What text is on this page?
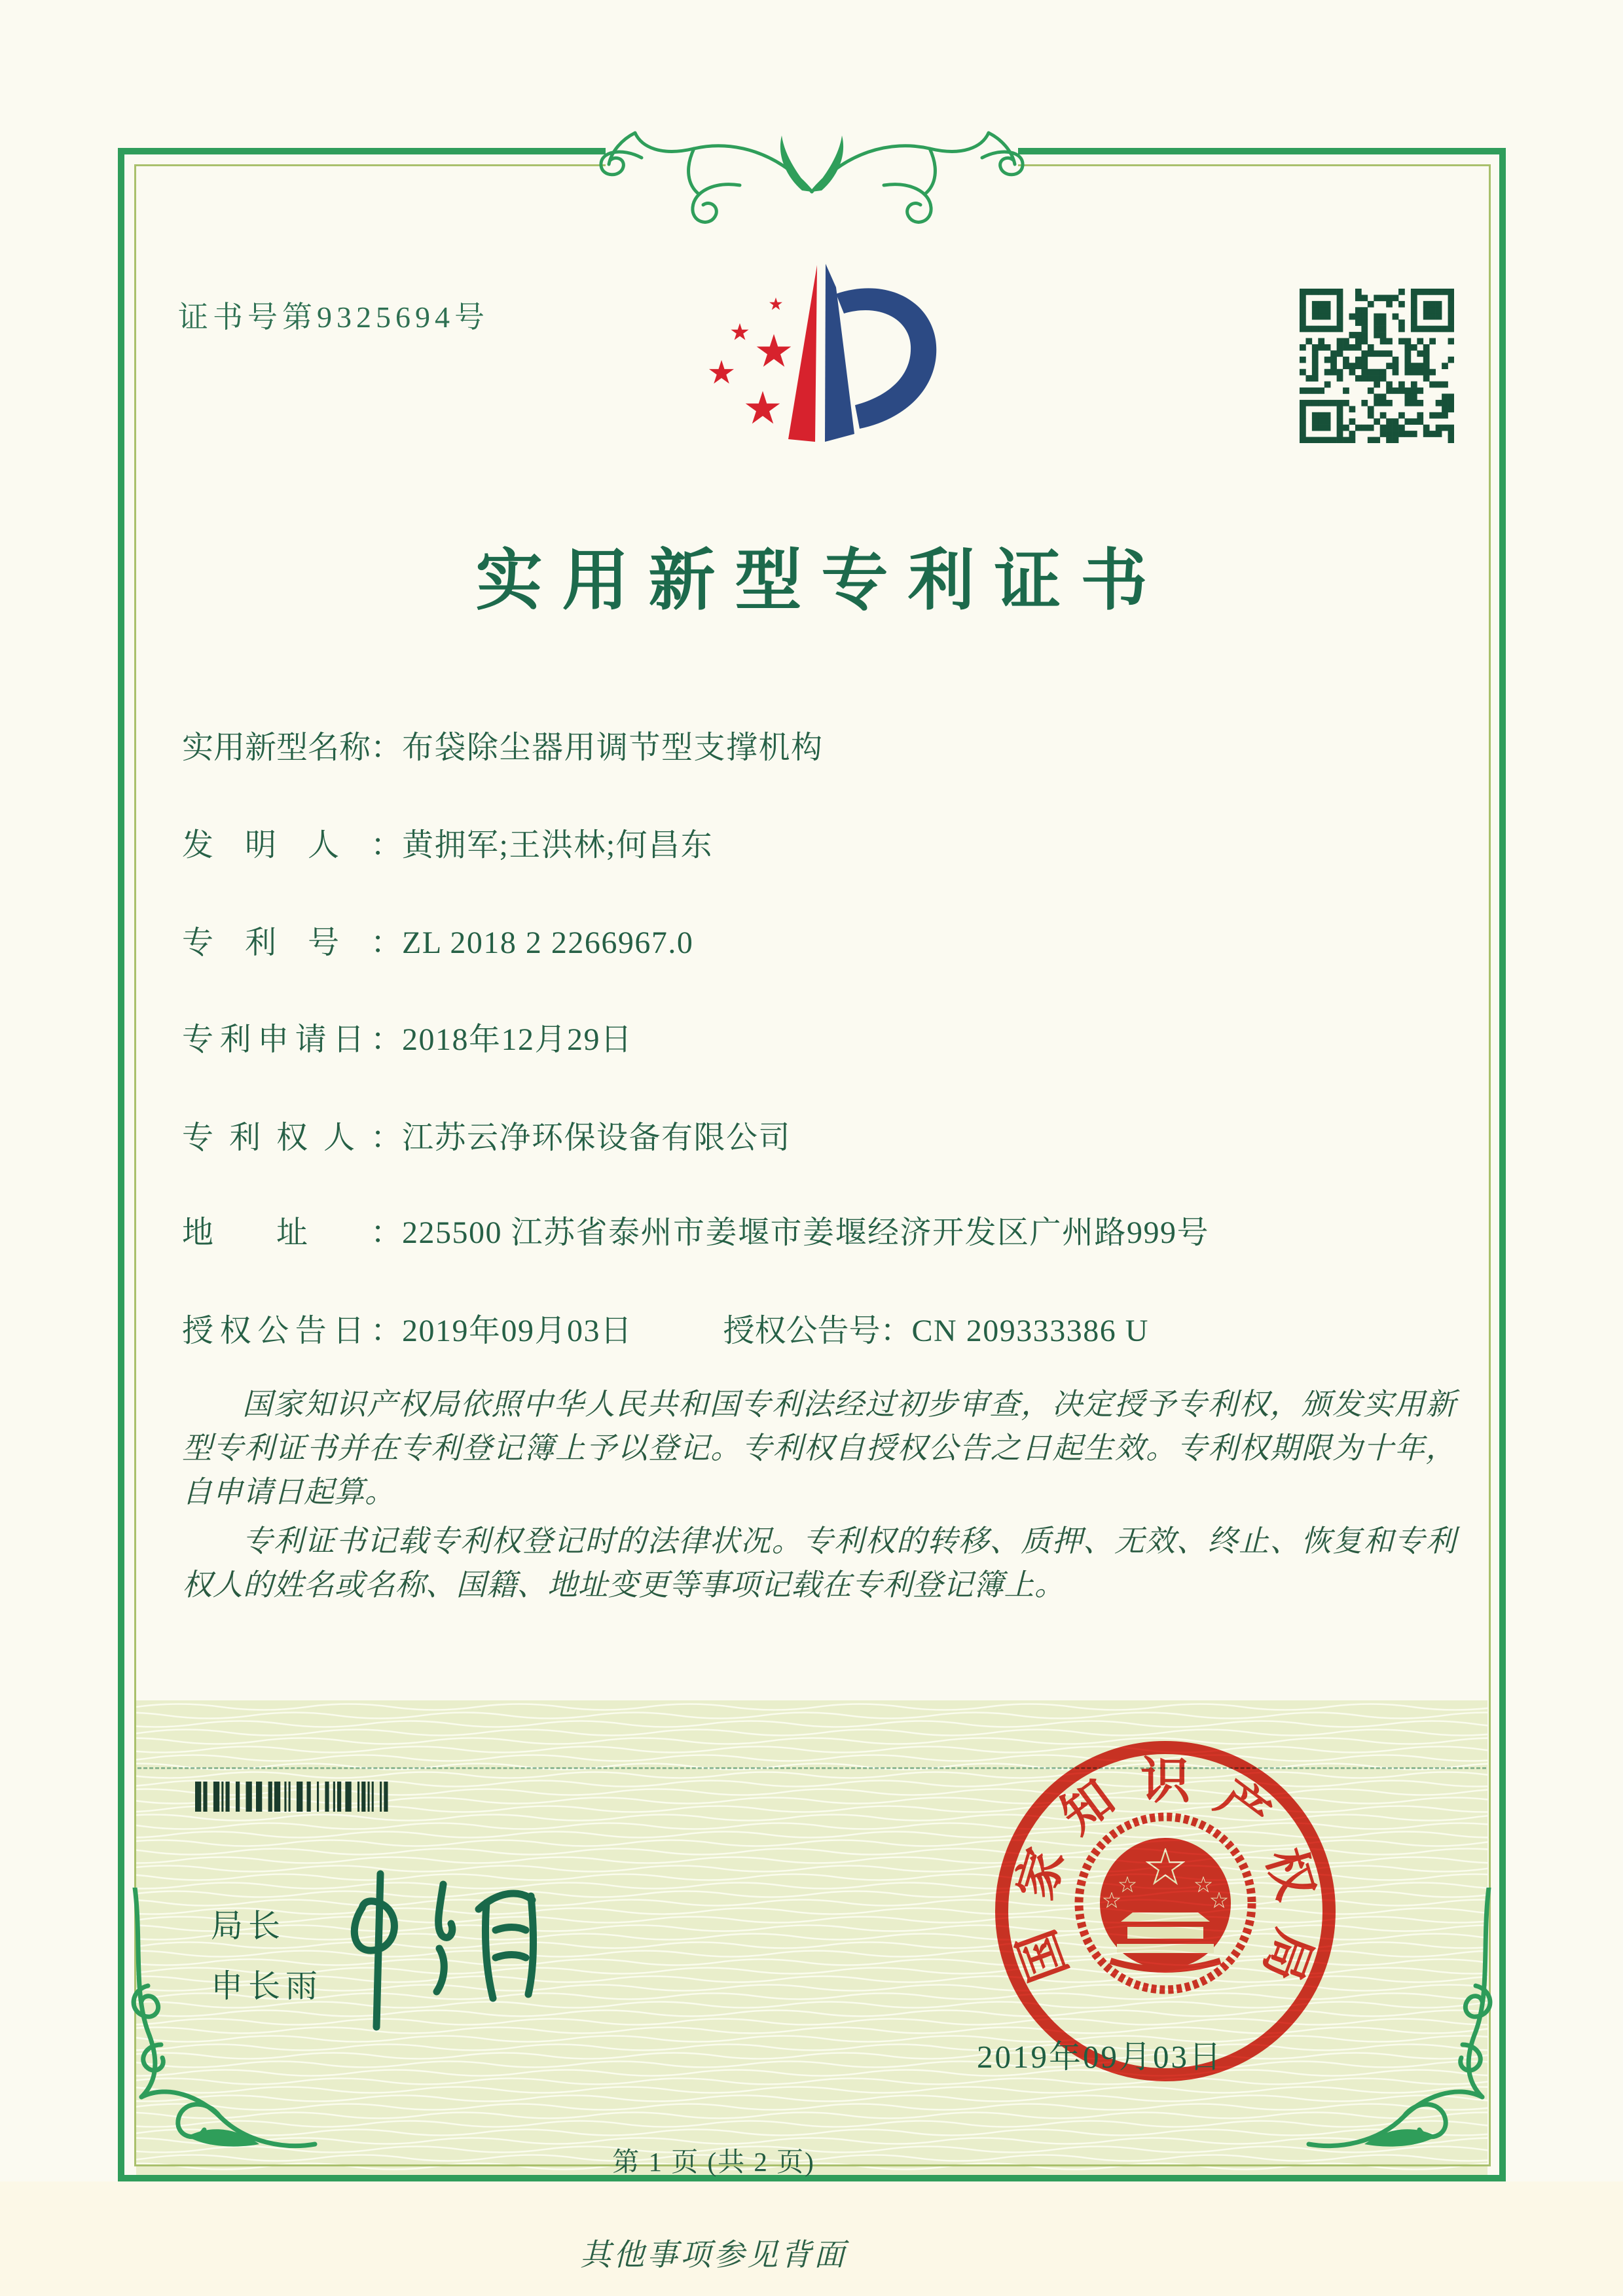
证书号第9325694号
实用新型专利证书
实用新型名称：布袋除尘器用调节型支撑机构
发明人：黄拥军;王洪林;何昌东
专利号：ZL 2018 2 2266967.0
专利申请日：2018年12月29日
专利权人：江苏云净环保设备有限公司
地址：225500 江苏省泰州市姜堰市姜堰经济开发区广州路999号
授权公告日：2019年09月03日	授权公告号：CN 209333386 U

国家知识产权局依照中华人民共和国专利法经过初步审查，决定授予专利权，颁发实用新型专利证书并在专利登记簿上予以登记。专利权自授权公告之日起生效。专利权期限为十年，自申请日起算。

专利证书记载专利权登记时的法律状况。专利权的转移、质押、无效、终止、恢复和专利权人的姓名或名称、国籍、地址变更等事项记载在专利登记簿上。

局长
申长雨	国
家
知 识 产
权
局
2019年09月03日
第 1 页 (共 2 页)
其他事项参见背面
